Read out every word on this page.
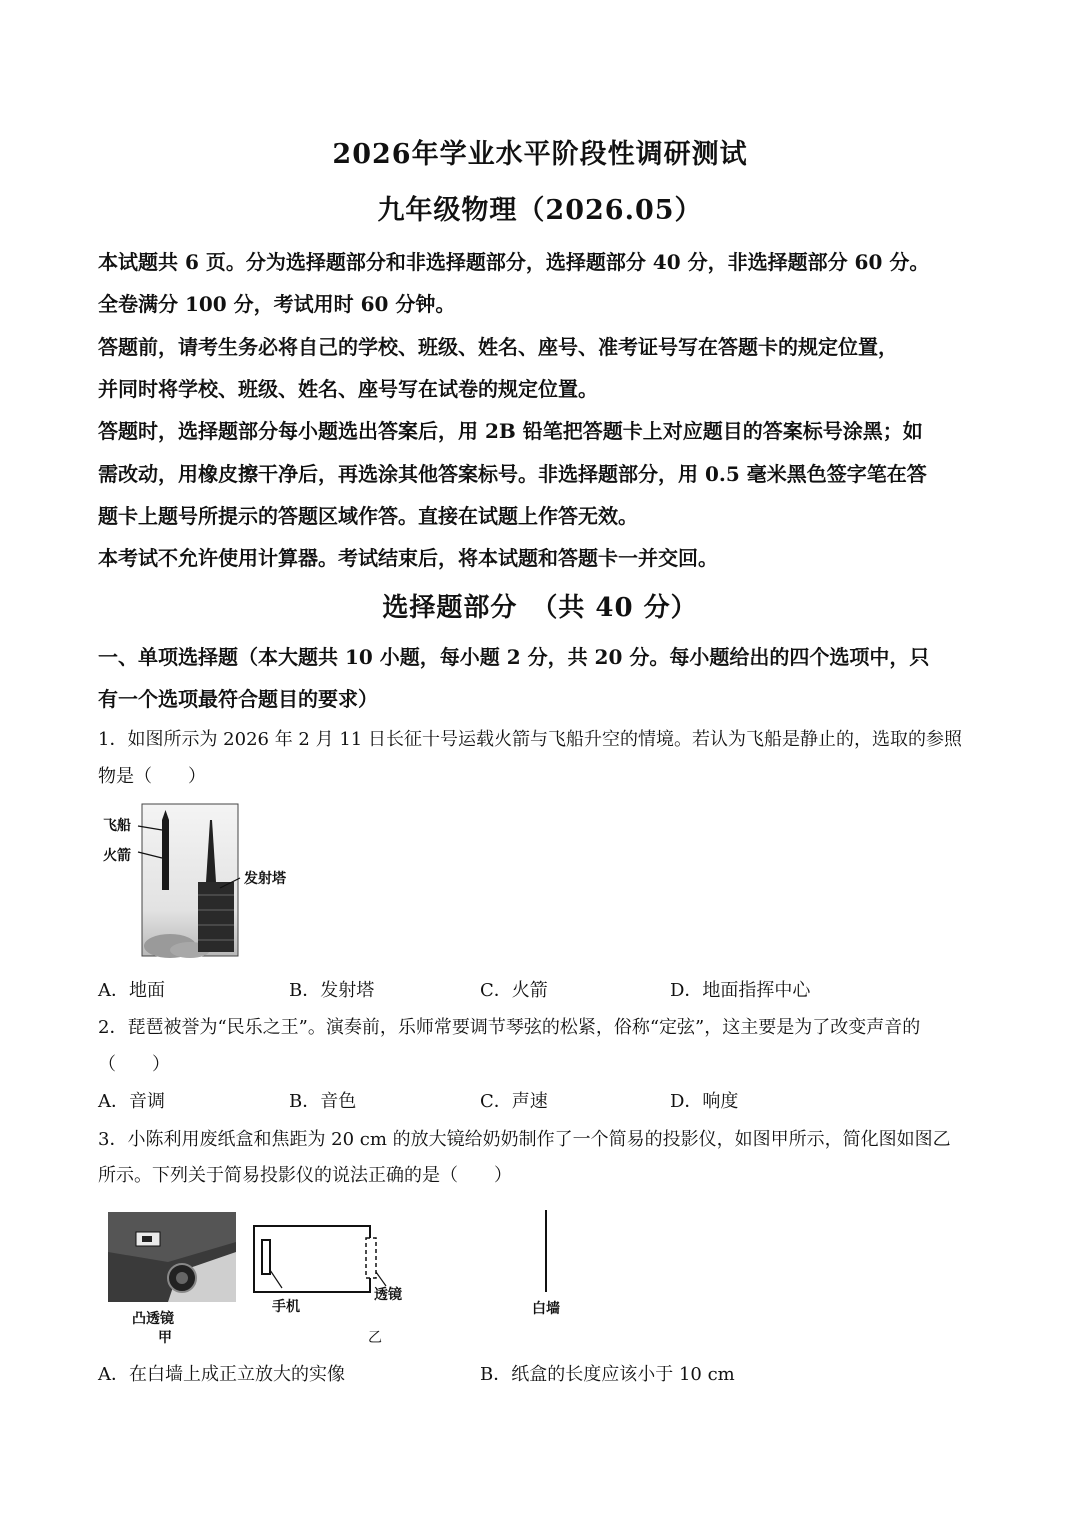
2026年学业水平阶段性调研测试
九年级物理（2026.05）
本试题共 6 页。分为选择题部分和非选择题部分，选择题部分 40 分，非选择题部分 60 分。
全卷满分 100 分，考试用时 60 分钟。
答题前，请考生务必将自己的学校、班级、姓名、座号、准考证号写在答题卡的规定位置，
并同时将学校、班级、姓名、座号写在试卷的规定位置。
答题时，选择题部分每小题选出答案后，用 2B 铅笔把答题卡上对应题目的答案标号涂黑；如
需改动，用橡皮擦干净后，再选涂其他答案标号。非选择题部分，用 0.5 毫米黑色签字笔在答
题卡上题号所提示的答题区域作答。直接在试题上作答无效。
本考试不允许使用计算器。考试结束后，将本试题和答题卡一并交回。
选择题部分　（共 40 分）
一、单项选择题（本大题共 10 小题，每小题 2 分，共 20 分。每小题给出的四个选项中，只
有一个选项最符合题目的要求）
1．如图所示为 2026 年 2 月 11 日长征十号运载火箭与飞船升空的情境。若认为飞船是静止的，选取的参照
物是（　　）
飞船
火箭
发射塔
A．地面	B．发射塔	C．火箭	D．地面指挥中心
2．琵琶被誉为“民乐之王”。演奏前，乐师常要调节琴弦的松紧，俗称“定弦”，这主要是为了改变声音的
（　　）
A．音调	B．音色	C．声速	D．响度
3．小陈利用废纸盒和焦距为 20 cm 的放大镜给奶奶制作了一个简易的投影仪，如图甲所示，简化图如图乙
所示。下列关于简易投影仪的说法正确的是（　　）
凸透镜
甲
手机
透镜
乙
白墙
A．在白墙上成正立放大的实像	B．纸盒的长度应该小于 10 cm
